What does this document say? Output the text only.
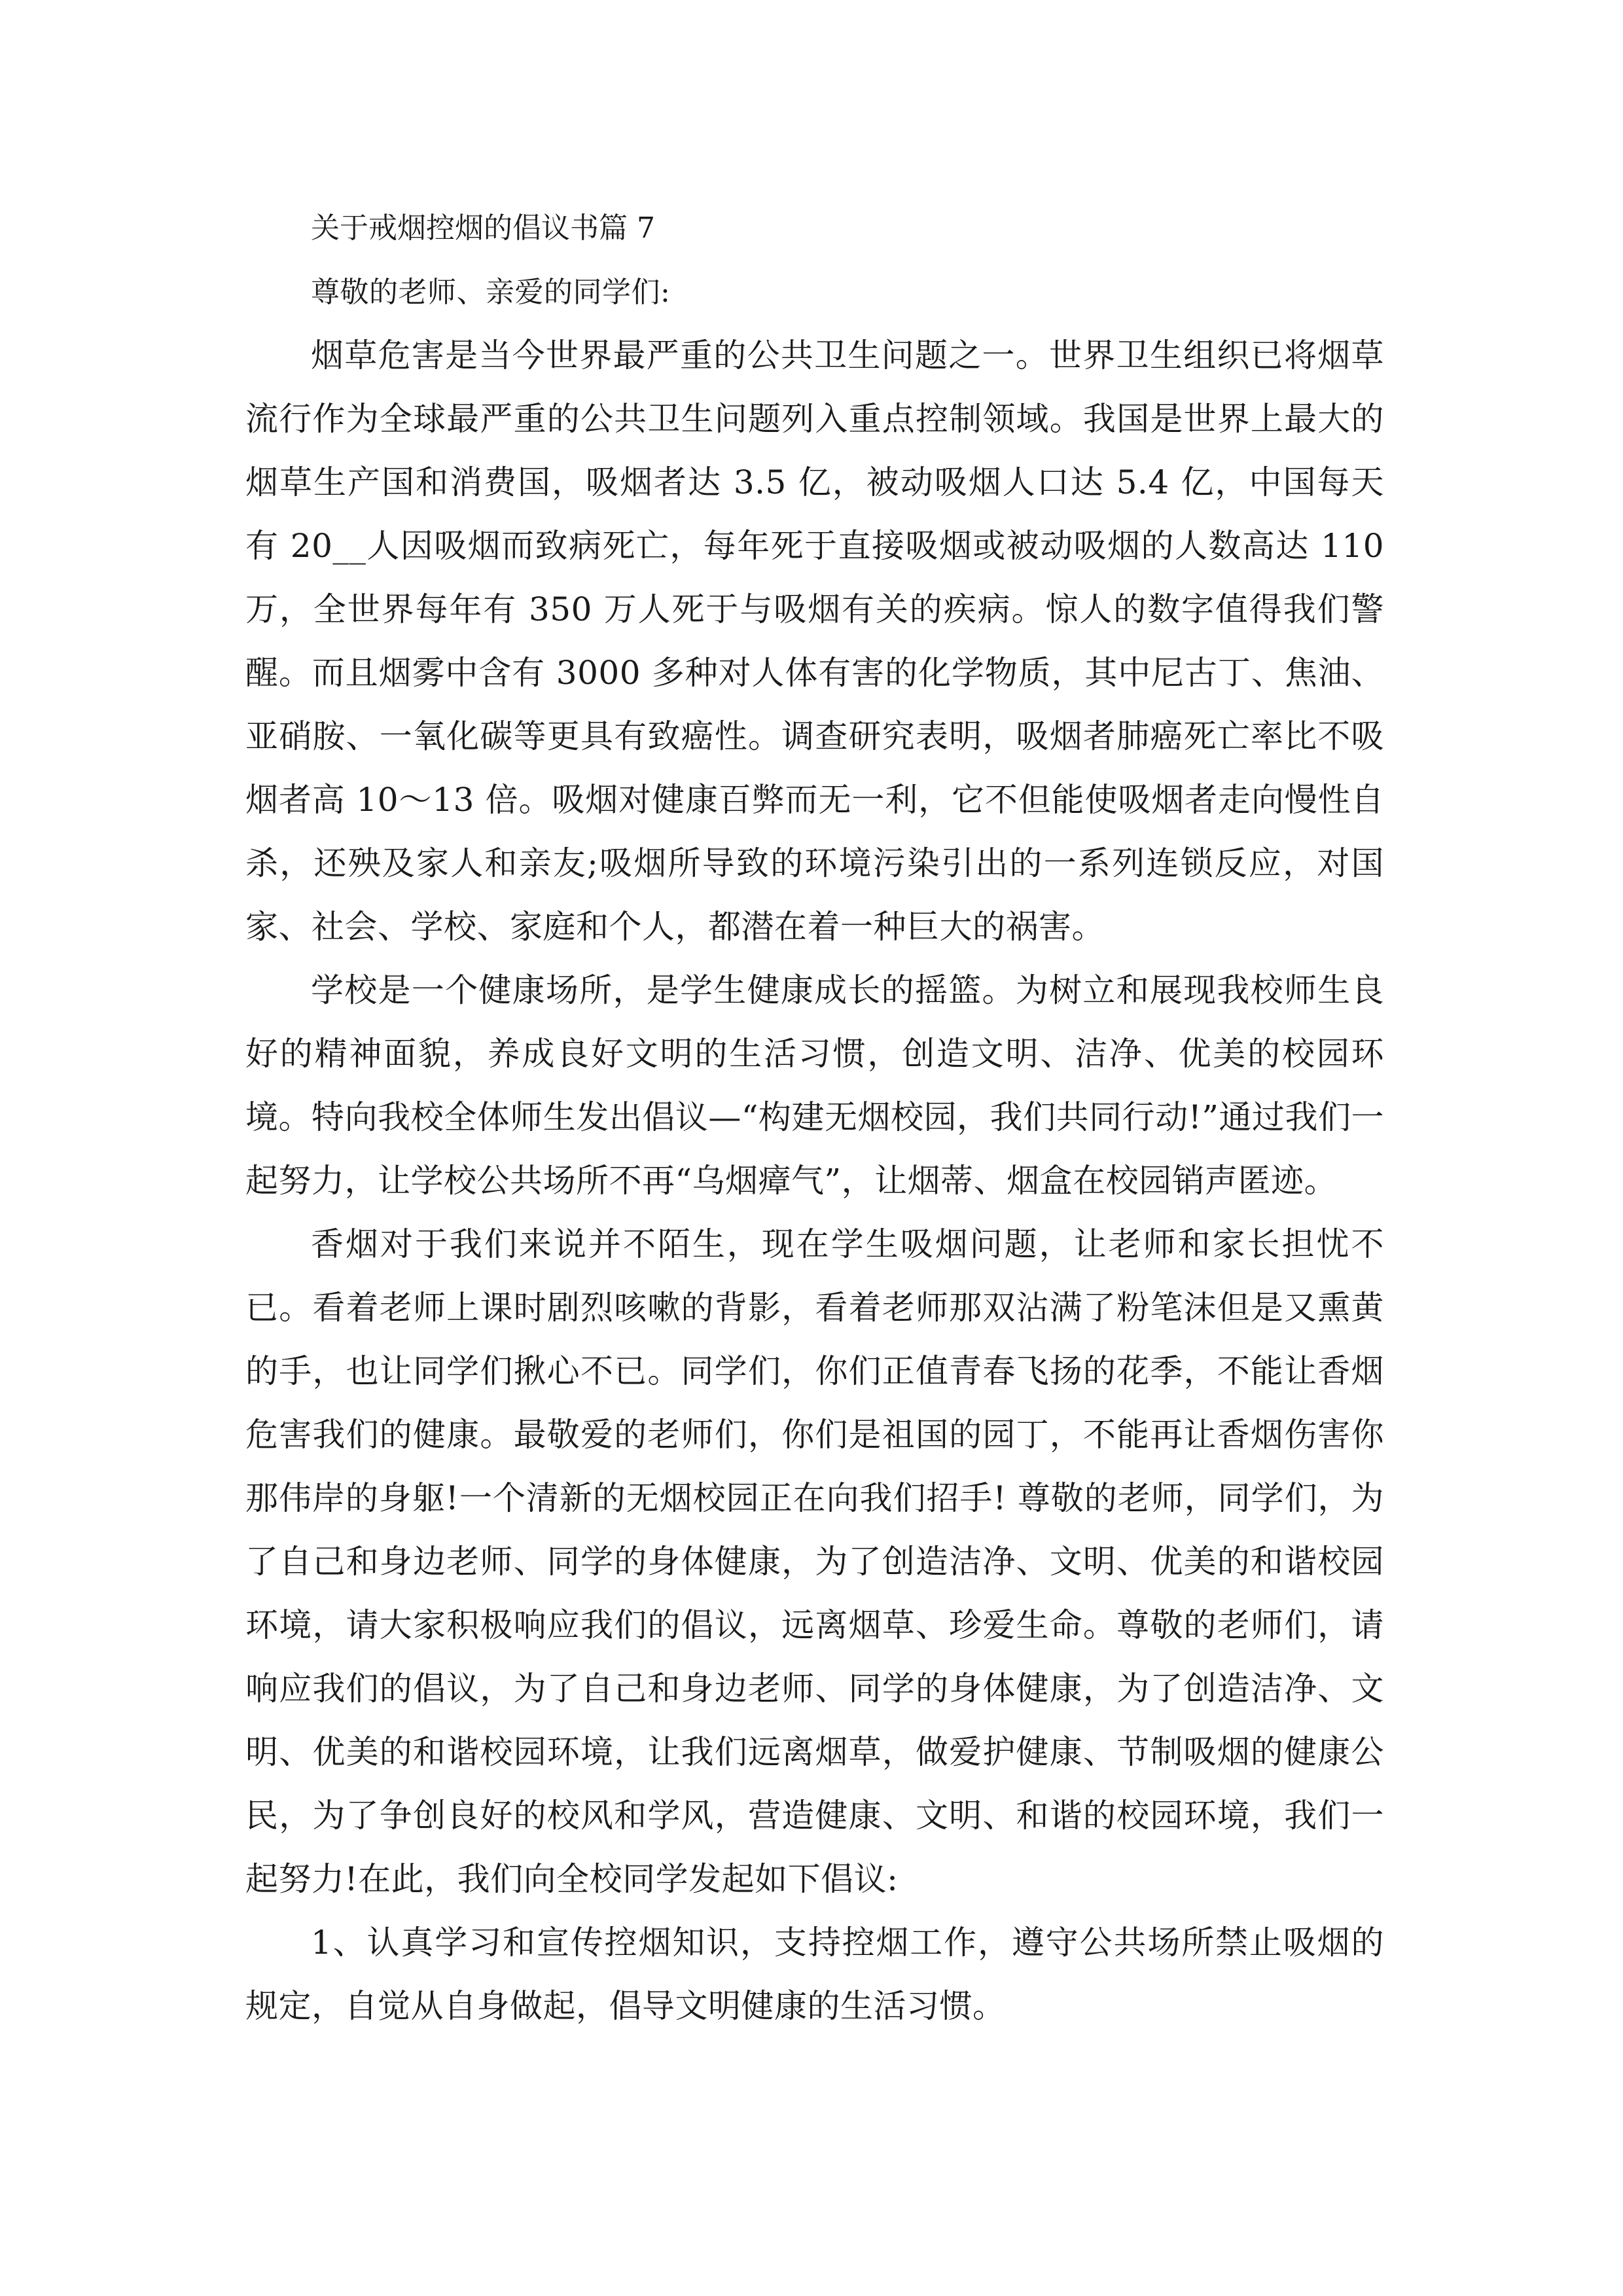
关于戒烟控烟的倡议书篇 7

尊敬的老师、亲爱的同学们:

烟草危害是当今世界最严重的公共卫生问题之一。世界卫生组织已将烟草流行作为全球最严重的公共卫生问题列入重点控制领域。我国是世界上最大的烟草生产国和消费国，吸烟者达 3.5 亿，被动吸烟人口达 5.4 亿，中国每天有 20__人因吸烟而致病死亡，每年死于直接吸烟或被动吸烟的人数高达 110 万，全世界每年有 350 万人死于与吸烟有关的疾病。惊人的数字值得我们警醒。而且烟雾中含有 3000 多种对人体有害的化学物质，其中尼古丁、焦油、亚硝胺、一氧化碳等更具有致癌性。调查研究表明，吸烟者肺癌死亡率比不吸烟者高 10～13 倍。吸烟对健康百弊而无一利，它不但能使吸烟者走向慢性自杀，还殃及家人和亲友;吸烟所导致的环境污染引出的一系列连锁反应，对国家、社会、学校、家庭和个人，都潜在着一种巨大的祸害。

学校是一个健康场所，是学生健康成长的摇篮。为树立和展现我校师生良好的精神面貌，养成良好文明的生活习惯，创造文明、洁净、优美的校园环境。特向我校全体师生发出倡议—“构建无烟校园，我们共同行动!”通过我们一起努力，让学校公共场所不再“乌烟瘴气”，让烟蒂、烟盒在校园销声匿迹。

香烟对于我们来说并不陌生，现在学生吸烟问题，让老师和家长担忧不已。看着老师上课时剧烈咳嗽的背影，看着老师那双沾满了粉笔沫但是又熏黄的手，也让同学们揪心不已。同学们，你们正值青春飞扬的花季，不能让香烟危害我们的健康。最敬爱的老师们，你们是祖国的园丁，不能再让香烟伤害你那伟岸的身躯!一个清新的无烟校园正在向我们招手! 尊敬的老师，同学们，为了自己和身边老师、同学的身体健康，为了创造洁净、文明、优美的和谐校园环境，请大家积极响应我们的倡议，远离烟草、珍爱生命。尊敬的老师们，请响应我们的倡议，为了自己和身边老师、同学的身体健康，为了创造洁净、文明、优美的和谐校园环境，让我们远离烟草，做爱护健康、节制吸烟的健康公民，为了争创良好的校风和学风，营造健康、文明、和谐的校园环境，我们一起努力!在此，我们向全校同学发起如下倡议:

1、认真学习和宣传控烟知识，支持控烟工作，遵守公共场所禁止吸烟的规定，自觉从自身做起，倡导文明健康的生活习惯。
